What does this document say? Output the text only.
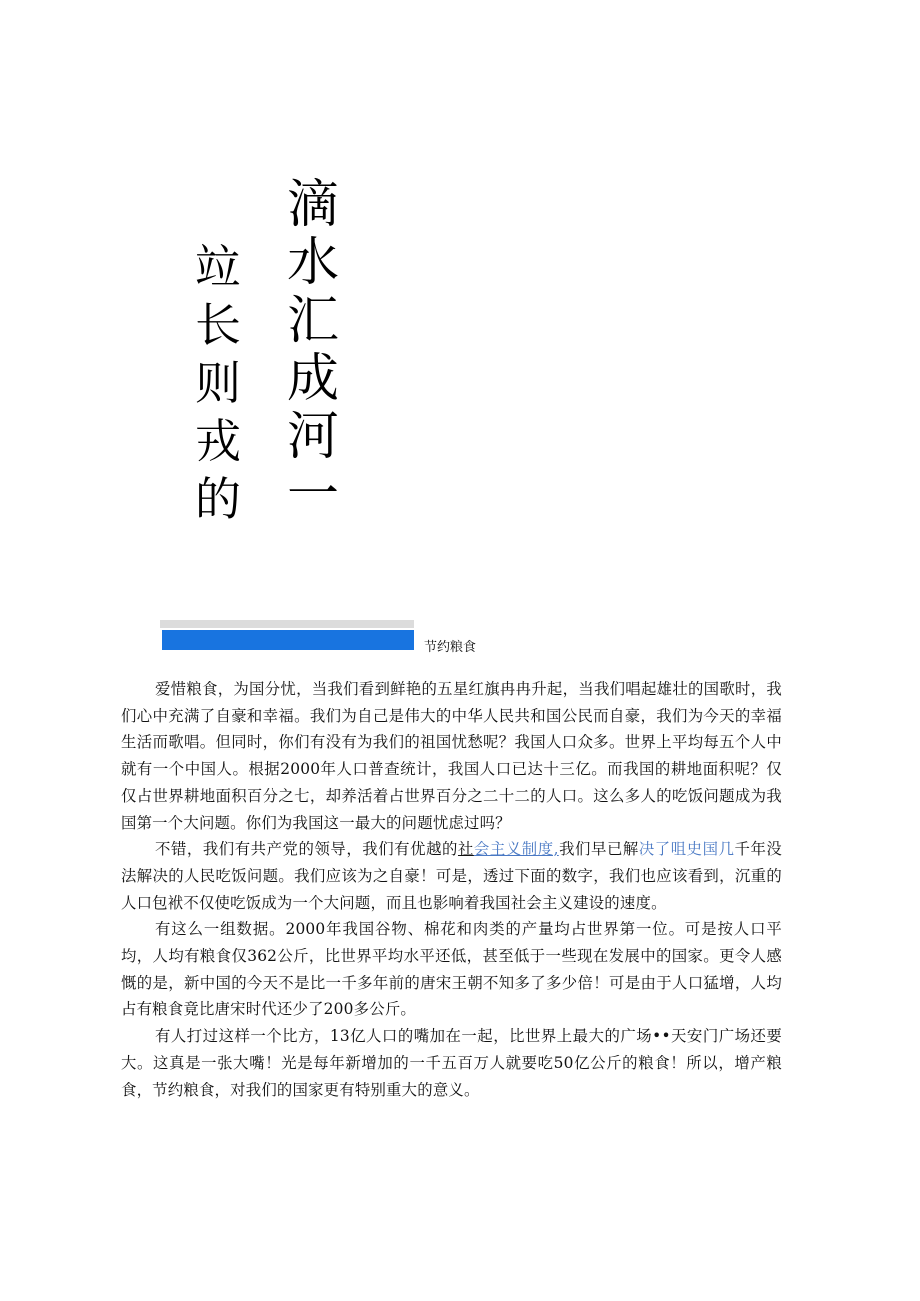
滴
水
汇
成
河
一
竝
长
则
戎
的
节约粮食

爱惜粮食，为国分忧，当我们看到鲜艳的五星红旗冉冉升起，当我们唱起雄壮的国歌时，我们心中充满了自豪和幸福。我们为自己是伟大的中华人民共和国公民而自豪，我们为今天的幸福生活而歌唱。但同时，你们有没有为我们的祖国忧愁呢？我国人口众多。世界上平均每五个人中就有一个中国人。根据2000年人口普查统计，我国人口已达十三亿。而我国的耕地面积呢？仅仅占世界耕地面积百分之七，却养活着占世界百分之二十二的人口。这么多人的吃饭问题成为我国第一个大问题。你们为我国这一最大的问题忧虑过吗？

不错，我们有共产党的领导，我们有优越的社会主义制度,我们早已解决了咀史国几千年没法解决的人民吃饭问题。我们应该为之自豪！可是，透过下面的数字，我们也应该看到，沉重的人口包袱不仅使吃饭成为一个大问题，而且也影响着我国社会主义建设的速度。

有这么一组数据。2000年我国谷物、棉花和肉类的产量均占世界第一位。可是按人口平均，人均有粮食仅362公斤，比世界平均水平还低，甚至低于一些现在发展中的国家。更令人感慨的是，新中国的今天不是比一千多年前的唐宋王朝不知多了多少倍！可是由于人口猛增，人均占有粮食竟比唐宋时代还少了200多公斤。

有人打过这样一个比方，13亿人口的嘴加在一起，比世界上最大的广场••天安门广场还要大。这真是一张大嘴！光是每年新增加的一千五百万人就要吃50亿公斤的粮食！所以，增产粮食，节约粮食，对我们的国家更有特别重大的意义。
